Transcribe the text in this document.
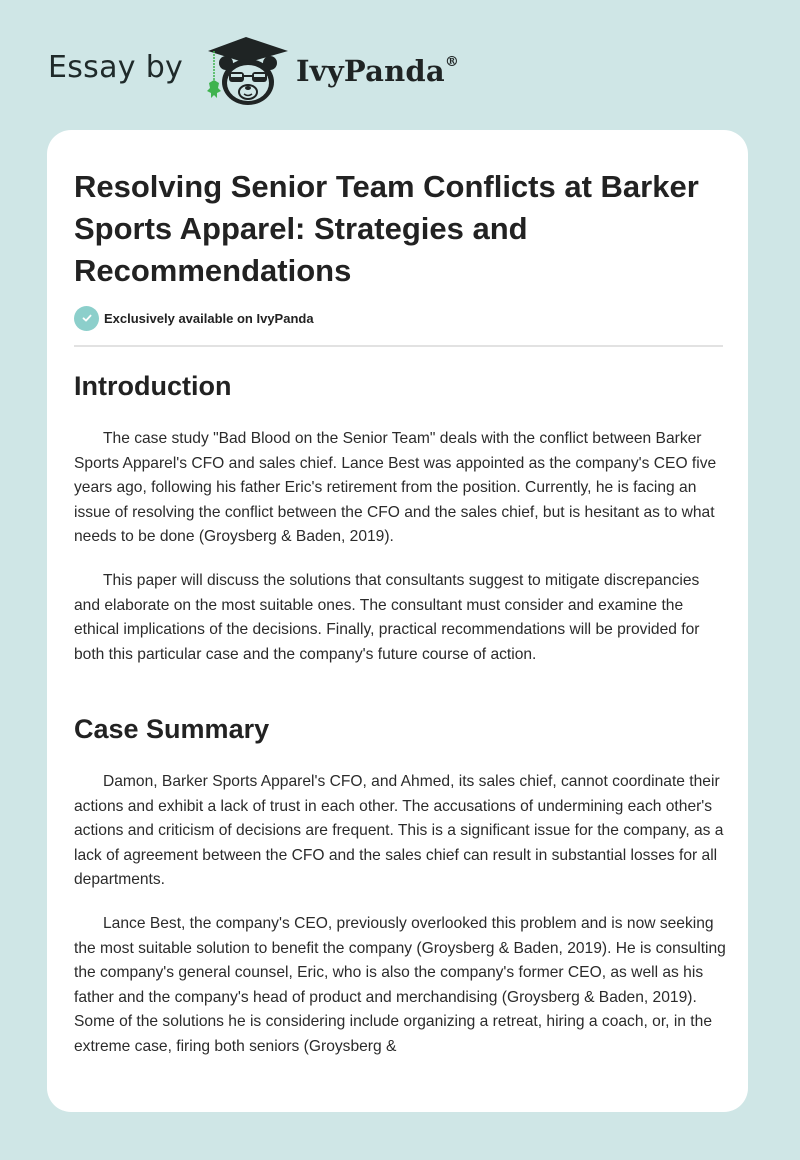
Essay by	IvyPanda®
Resolving Senior Team Conflicts at Barker Sports Apparel: Strategies and Recommendations
Exclusively available on IvyPanda
Introduction

The case study "Bad Blood on the Senior Team" deals with the conflict between Barker Sports Apparel's CFO and sales chief. Lance Best was appointed as the company's CEO five years ago, following his father Eric's retirement from the position. Currently, he is facing an issue of resolving the conflict between the CFO and the sales chief, but is hesitant as to what needs to be done (Groysberg & Baden, 2019).

This paper will discuss the solutions that consultants suggest to mitigate discrepancies and elaborate on the most suitable ones. The consultant must consider and examine the ethical implications of the decisions. Finally, practical recommendations will be provided for both this particular case and the company's future course of action.

Case Summary

Damon, Barker Sports Apparel's CFO, and Ahmed, its sales chief, cannot coordinate their actions and exhibit a lack of trust in each other. The accusations of undermining each other's actions and criticism of decisions are frequent. This is a significant issue for the company, as a lack of agreement between the CFO and the sales chief can result in substantial losses for all departments.

Lance Best, the company's CEO, previously overlooked this problem and is now seeking the most suitable solution to benefit the company (Groysberg & Baden, 2019). He is consulting the company's general counsel, Eric, who is also the company's former CEO, as well as his father and the company's head of product and merchandising (Groysberg & Baden, 2019). Some of the solutions he is considering include organizing a retreat, hiring a coach, or, in the extreme case, firing both seniors (Groysberg &
